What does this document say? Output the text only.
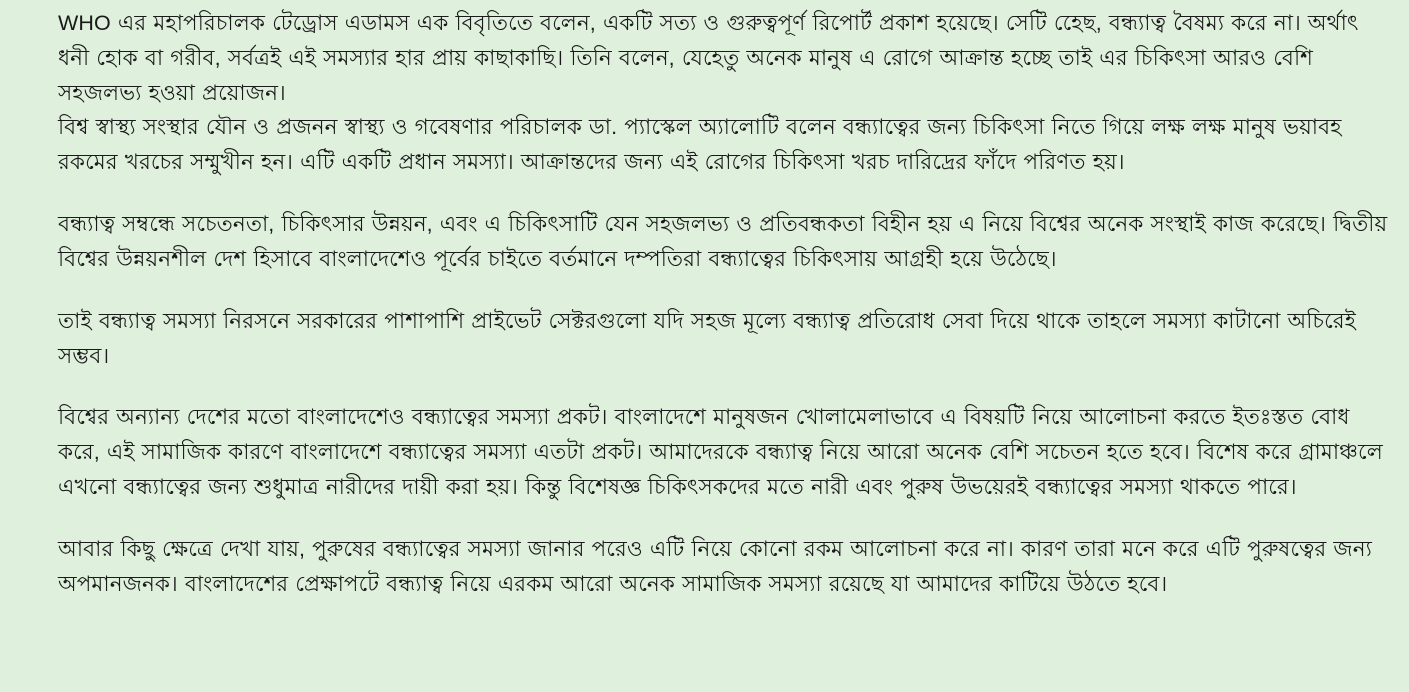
WHO এর মহাপরিচালক টেড্রোস এডামস এক বিবৃতিতে বলেন, একটি সত্য ও গুরুত্বপূর্ণ রিপোর্ট প্রকাশ হয়েছে। সেটি হেেছ, বন্ধ্যাত্ব বৈষম্য করে না। অর্থাৎ ধনী হোক বা গরীব, সর্বত্রই এই সমস্যার হার প্রায় কাছাকাছি। তিনি বলেন, যেহেতু অনেক মানুষ এ রোগে আক্রান্ত হচ্ছে তাই এর চিকিৎসা আরও বেশি সহজলভ্য হওয়া প্রয়োজন।

বিশ্ব স্বাস্থ্য সংস্থার যৌন ও প্রজনন স্বাস্থ্য ও গবেষণার পরিচালক ডা. প্যাস্কেল অ্যালোটি বলেন বন্ধ্যাত্বের জন্য চিকিৎসা নিতে গিয়ে লক্ষ লক্ষ মানুষ ভয়াবহ রকমের খরচের সম্মুখীন হন। এটি একটি প্রধান সমস্যা। আক্রান্তদের জন্য এই রোগের চিকিৎসা খরচ দারিদ্রের ফাঁদে পরিণত হয়।

বন্ধ্যাত্ব সম্বন্ধে সচেতনতা, চিকিৎসার উন্নয়ন, এবং এ চিকিৎসাটি যেন সহজলভ্য ও প্রতিবন্ধকতা বিহীন হয় এ নিয়ে বিশ্বের অনেক সংস্থাই কাজ করেছে। দ্বিতীয় বিশ্বের উন্নয়নশীল দেশ হিসাবে বাংলাদেশেও পূর্বের চাইতে বর্তমানে দম্পতিরা বন্ধ্যাত্বের চিকিৎসায় আগ্রহী হয়ে উঠেছে।

তাই বন্ধ্যাত্ব সমস্যা নিরসনে সরকারের পাশাপাশি প্রাইভেট সেক্টরগুলো যদি সহজ মূল্যে বন্ধ্যাত্ব প্রতিরোধ সেবা দিয়ে থাকে তাহলে সমস্যা কাটানো অচিরেই সম্ভব।

বিশ্বের অন্যান্য দেশের মতো বাংলাদেশেও বন্ধ্যাত্বের সমস্যা প্রকট। বাংলাদেশে মানুষজন খোলামেলাভাবে এ বিষয়টি নিয়ে আলোচনা করতে ইতঃস্তত বোধ করে, এই সামাজিক কারণে বাংলাদেশে বন্ধ্যাত্বের সমস্যা এতটা প্রকট। আমাদেরকে বন্ধ্যাত্ব নিয়ে আরো অনেক বেশি সচেতন হতে হবে। বিশেষ করে গ্রামাঞ্চলে এখনো বন্ধ্যাত্বের জন্য শুধুমাত্র নারীদের দায়ী করা হয়। কিন্তু বিশেষজ্ঞ চিকিৎসকদের মতে নারী এবং পুরুষ উভয়েরই বন্ধ্যাত্বের সমস্যা থাকতে পারে।

আবার কিছু ক্ষেত্রে দেখা যায়, পুরুষের বন্ধ্যাত্বের সমস্যা জানার পরেও এটি নিয়ে কোনো রকম আলোচনা করে না। কারণ তারা মনে করে এটি পুরুষত্বের জন্য অপমানজনক। বাংলাদেশের প্রেক্ষাপটে বন্ধ্যাত্ব নিয়ে এরকম আরো অনেক সামাজিক সমস্যা রয়েছে যা আমাদের কাটিয়ে উঠতে হবে।
